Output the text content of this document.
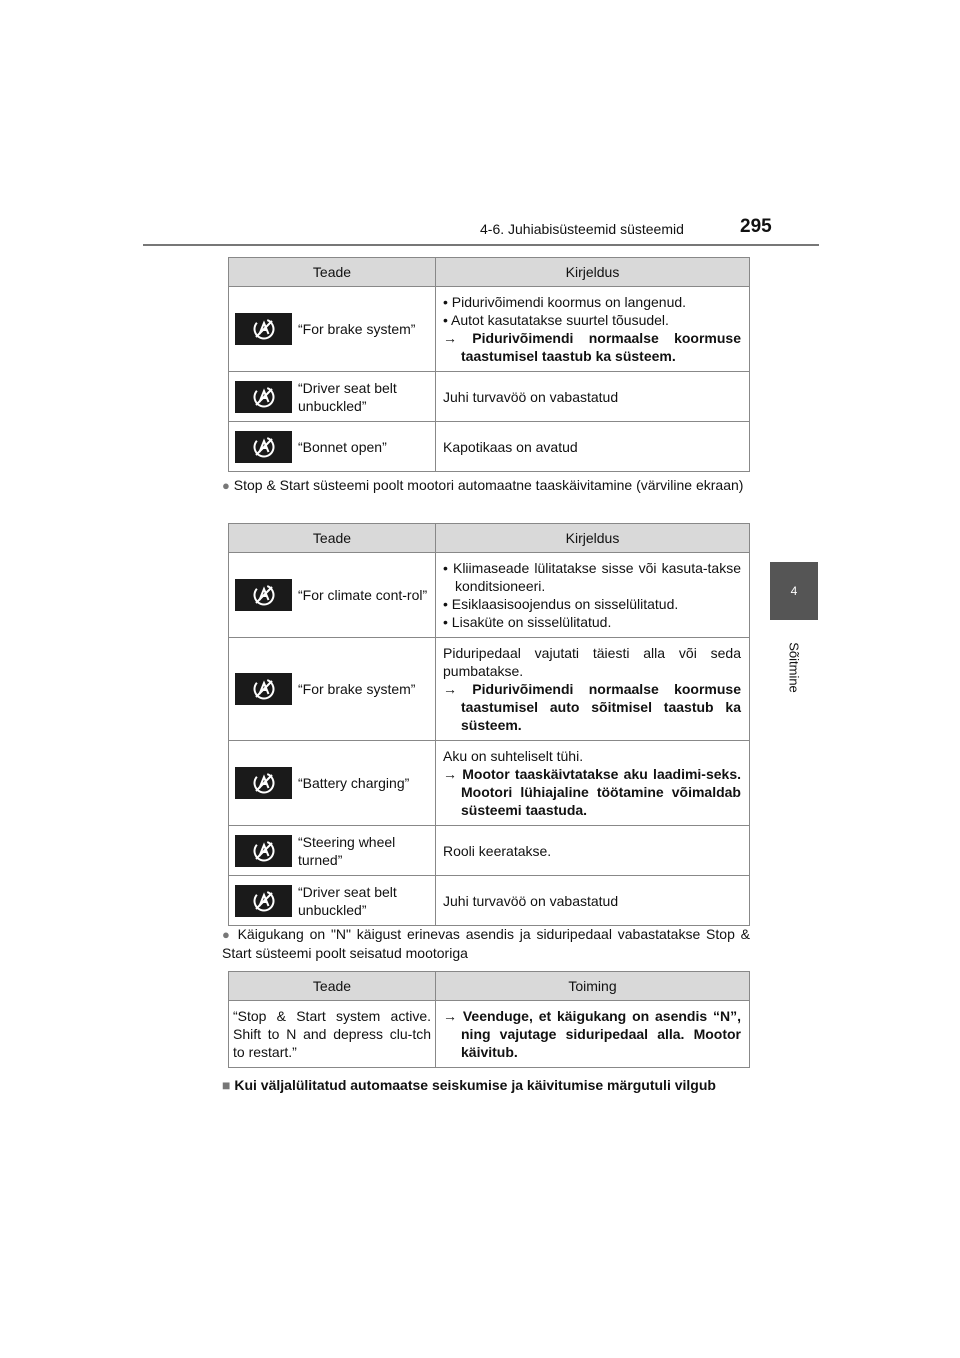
4-6. Juhiabisüsteemid süsteemid	295
4
Sõitmine
Teade	Kirjeldus

“For brake system”	• Pidurivõimendi koormus on langenud.
• Autot kasutatakse suurtel tõusudel.
→ Pidurivõimendi normaalse koormuse taastumisel taastub ka süsteem.

“Driver seat belt unbuckled”	Juhi turvavöö on vabastatud

“Bonnet open”	Kapotikaas on avatud
● Stop & Start süsteemi poolt mootori automaatne taaskäivitamine (värviline ekraan)
Teade	Kirjeldus

“For climate cont-rol”	• Kliimaseade lülitatakse sisse või kasuta-takse konditsioneeri.
• Esiklaasisoojendus on sisselülitatud.
• Lisaküte on sisselülitatud.

“For brake system”	Piduripedaal vajutati täiesti alla või seda pumbatakse.
→ Pidurivõimendi normaalse koormuse taastumisel auto sõitmisel taastub ka süsteem.

“Battery charging”	Aku on suhteliselt tühi.
→ Mootor taaskäivtatakse aku laadimi-seks. Mootori lühiajaline töötamine võimaldab süsteemi taastuda.

“Steering wheel turned”	Rooli keeratakse.

“Driver seat belt unbuckled”	Juhi turvavöö on vabastatud
● Käigukang on "N" käigust erinevas asendis ja siduripedaal vabastatakse Stop & Start süsteemi poolt seisatud mootoriga
Teade	Toiming
“Stop & Start system active. Shift to N and depress clu-tch to restart.”	→ Veenduge, et käigukang on asendis “N”, ning vajutage siduripedaal alla. Mootor käivitub.
■ Kui väljalülitatud automaatse seiskumise ja käivitumise märgutuli vilgub
